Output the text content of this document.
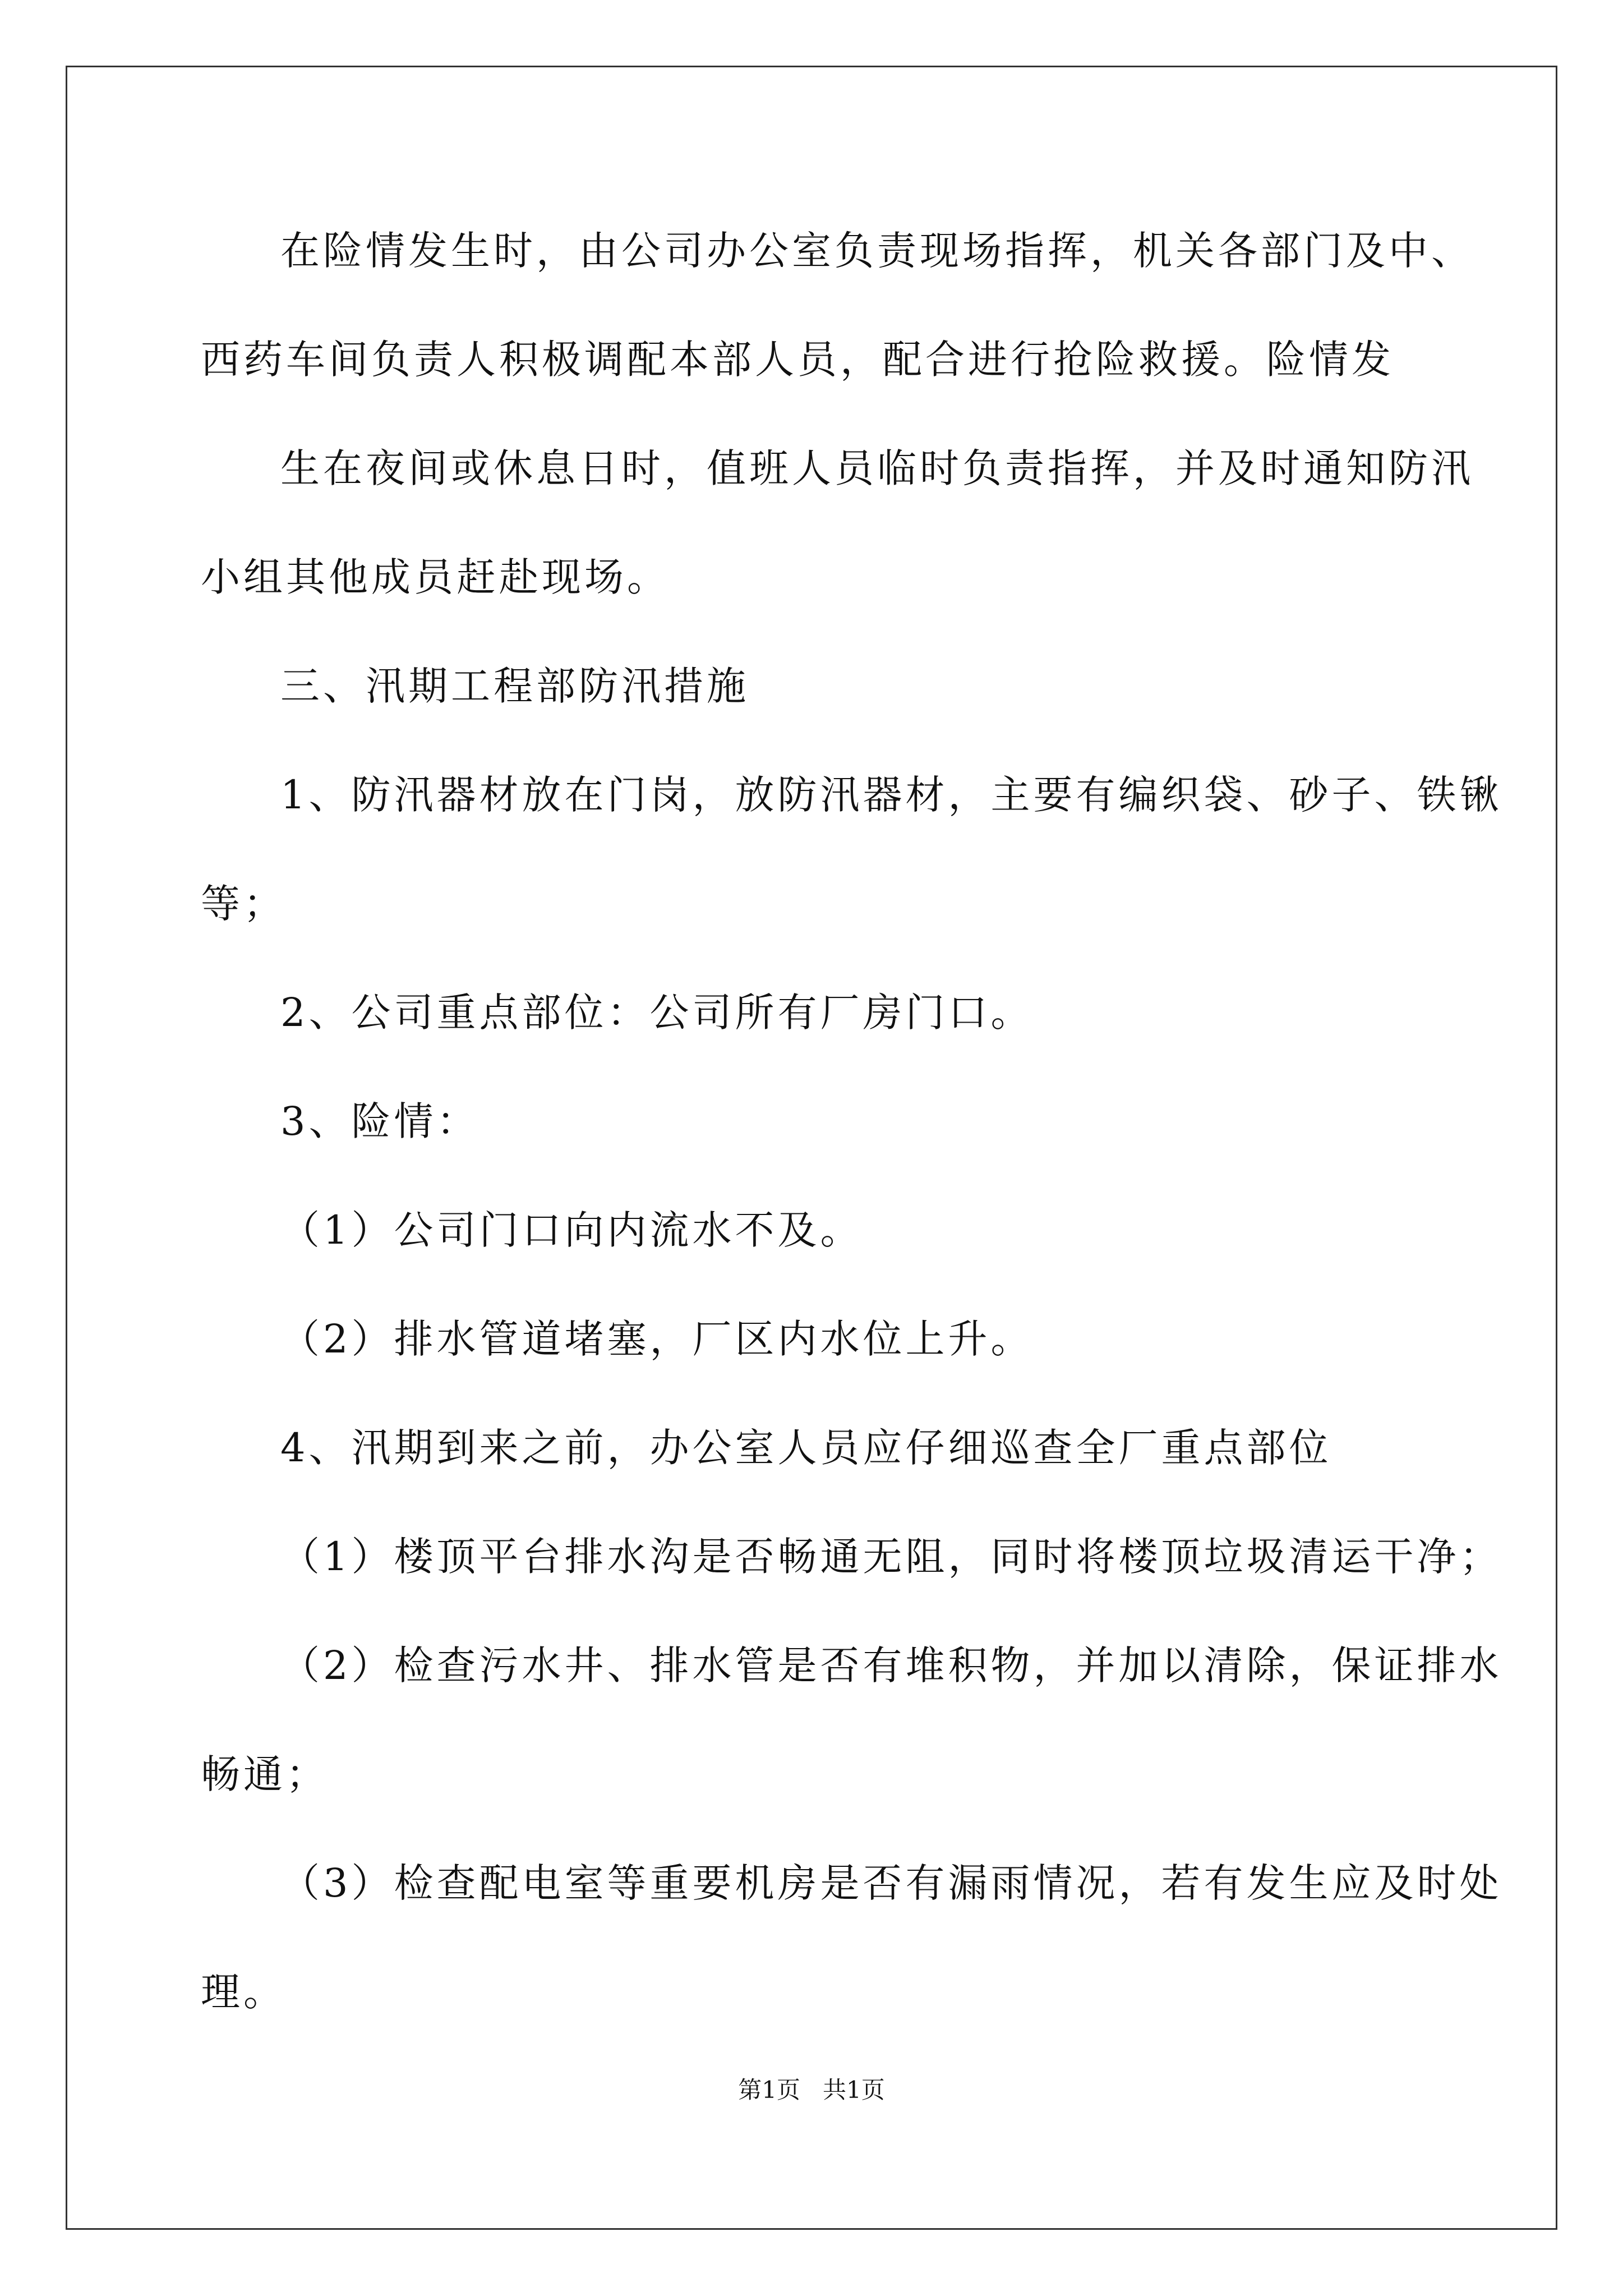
在险情发生时，由公司办公室负责现场指挥，机关各部门及中、
西药车间负责人积极调配本部人员，配合进行抢险救援。险情发
生在夜间或休息日时，值班人员临时负责指挥，并及时通知防汛
小组其他成员赶赴现场。
三、汛期工程部防汛措施
1、防汛器材放在门岗，放防汛器材，主要有编织袋、砂子、铁锹
等；
2、公司重点部位：公司所有厂房门口。
3、险情：
（1）公司门口向内流水不及。
（2）排水管道堵塞，厂区内水位上升。
4、汛期到来之前，办公室人员应仔细巡查全厂重点部位
（1）楼顶平台排水沟是否畅通无阻，同时将楼顶垃圾清运干净；
（2）检查污水井、排水管是否有堆积物，并加以清除，保证排水
畅通；
（3）检查配电室等重要机房是否有漏雨情况，若有发生应及时处
理。
第1页   共1页
